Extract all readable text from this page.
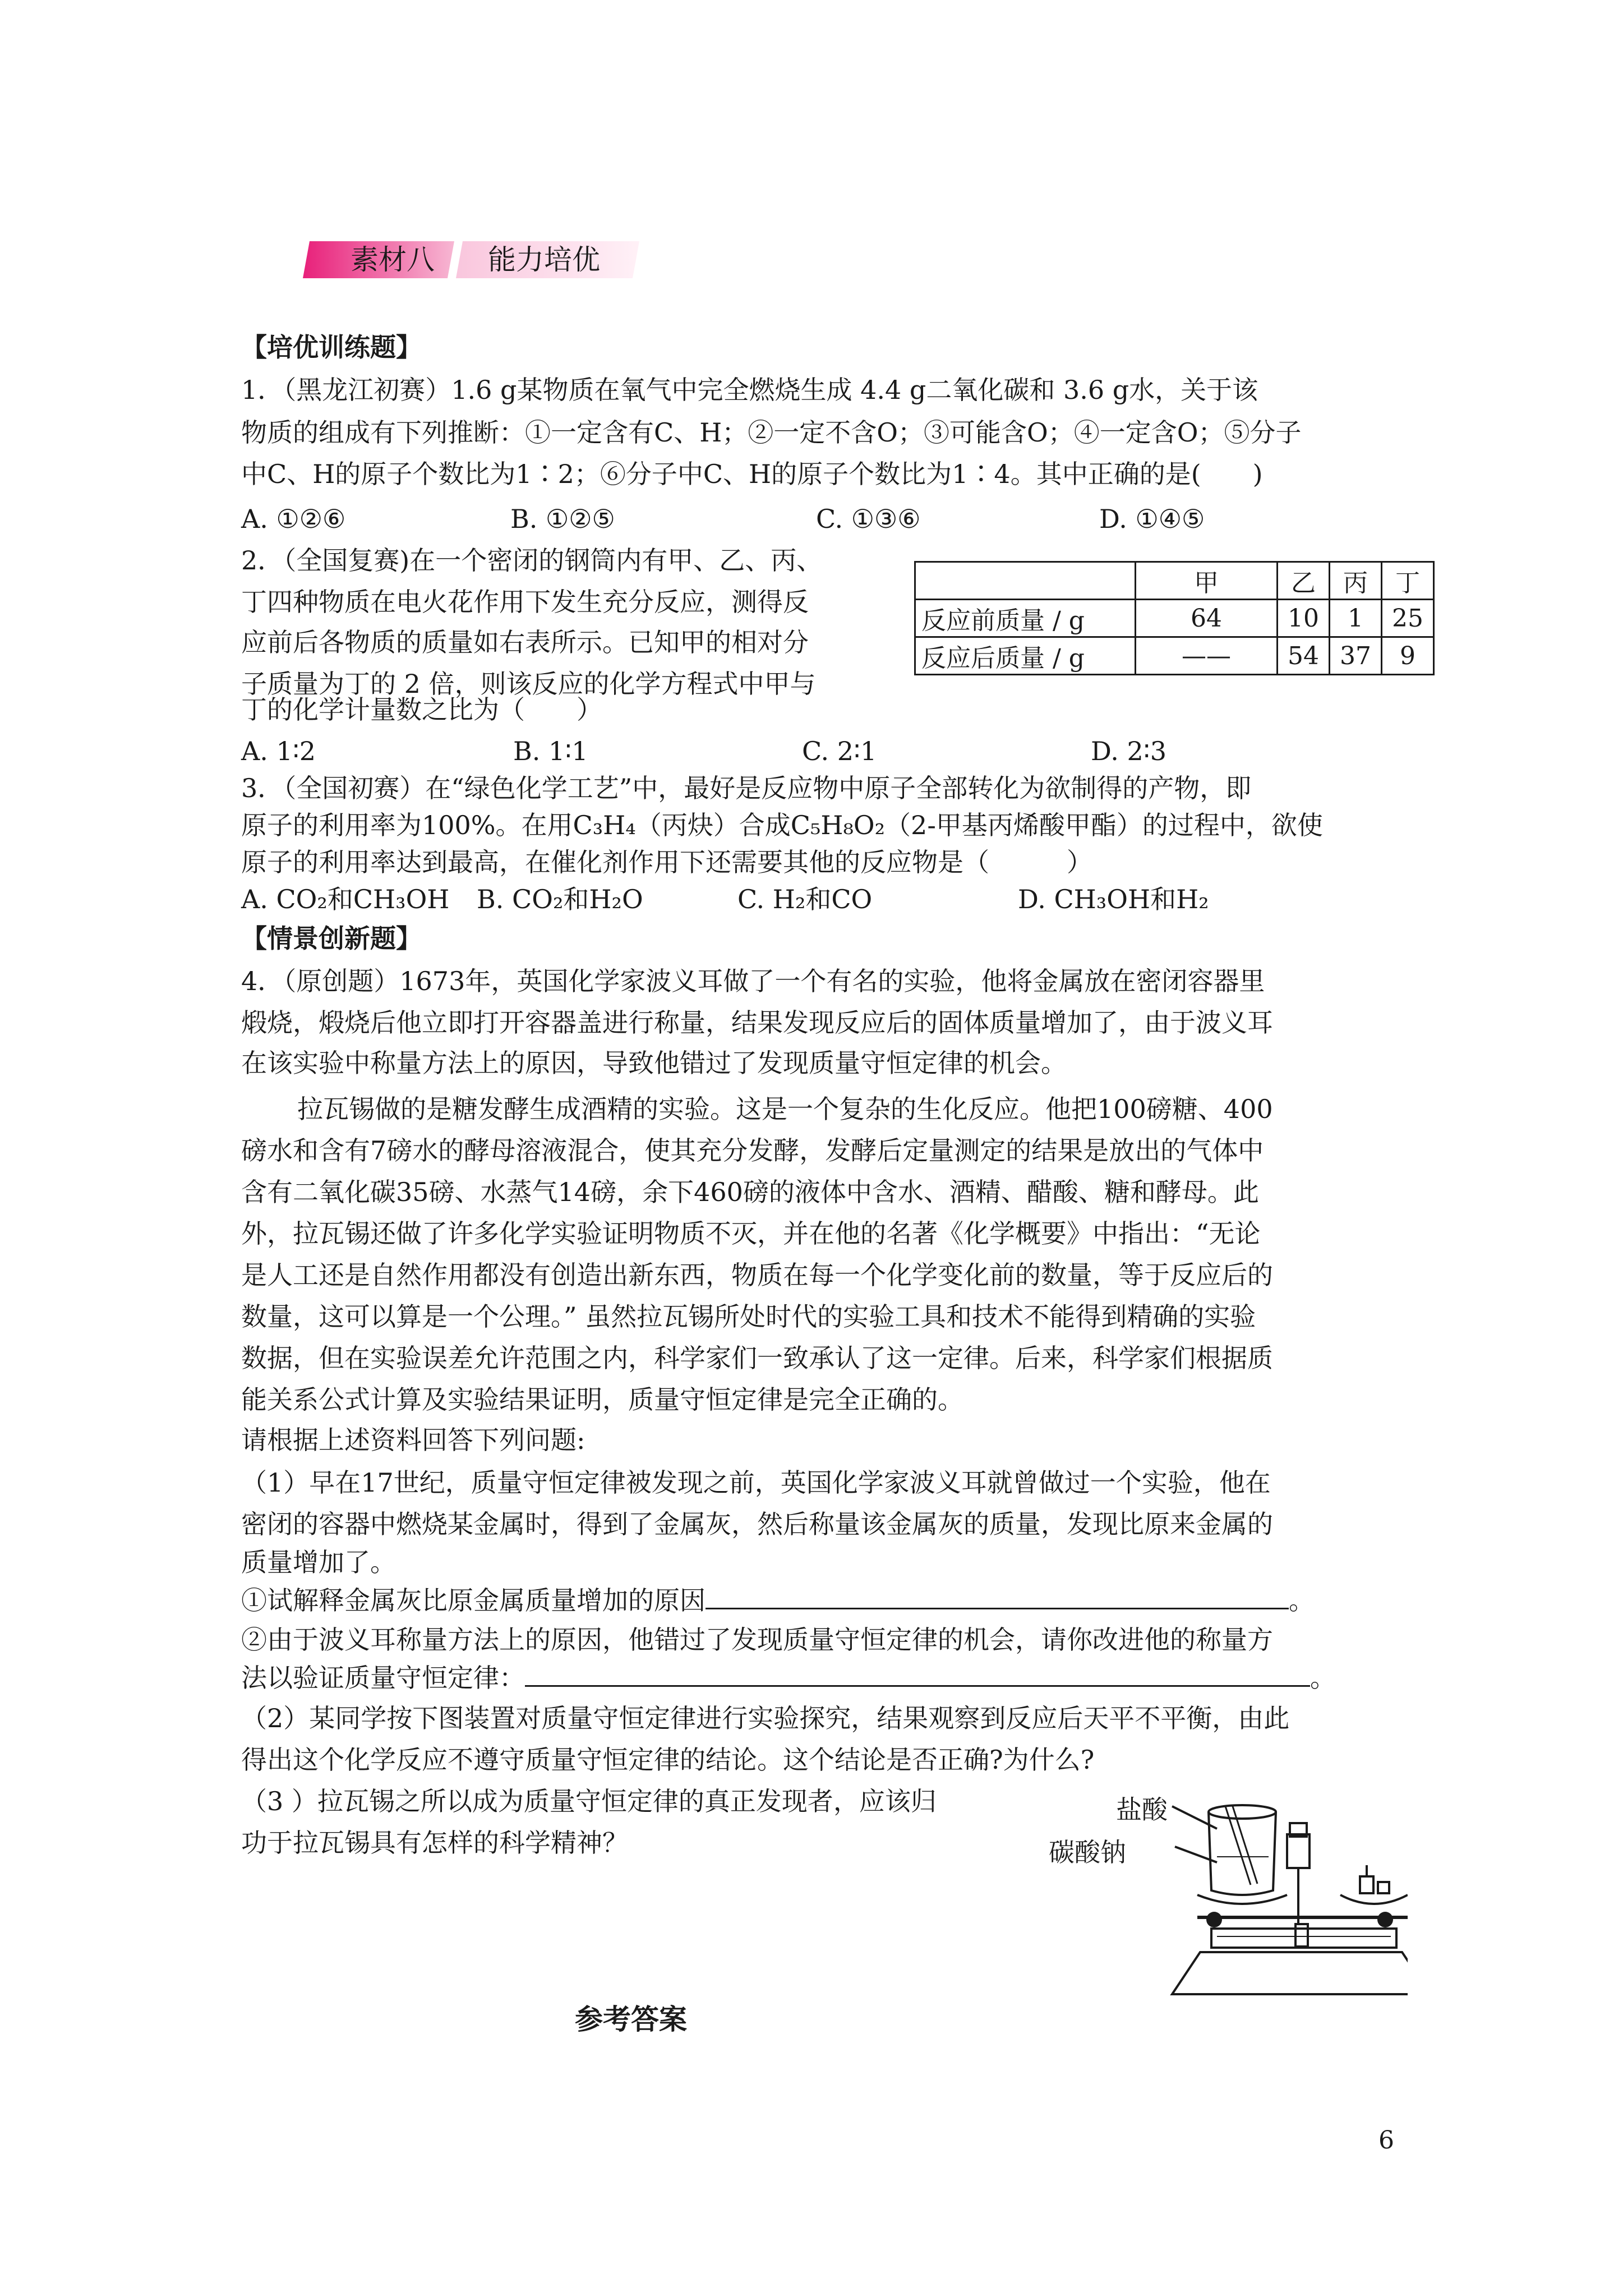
素材八 能力培优
【培优训练题】
1．（黑龙江初赛）1.6 g某物质在氧气中完全燃烧生成 4.4 g二氧化碳和 3.6 g水，关于该
物质的组成有下列推断：①一定含有C、H；②一定不含O；③可能含O；④一定含O；⑤分子
中C、H的原子个数比为1∶2；⑥分子中C、H的原子个数比为1∶4。其中正确的是(　　)
A. ①②⑥	B. ①②⑤	C. ①③⑥	D. ①④⑤
2．（全国复赛)在一个密闭的钢筒内有甲、乙、丙、
丁四种物质在电火花作用下发生充分反应，测得反
应前后各物质的质量如右表所示。已知甲的相对分
子质量为丁的 2 倍，则该反应的化学方程式中甲与
丁的化学计量数之比为（　　）
	甲	乙	丙	丁
反应前质量 / g	64	10	1	25
反应后质量 / g	——	54	37	9
A. 1∶2	B. 1∶1	C. 2∶1	D. 2∶3
3．（全国初赛）在“绿色化学工艺”中，最好是反应物中原子全部转化为欲制得的产物，即
原子的利用率为100%。在用C₃H₄（丙炔）合成C₅H₈O₂（2-甲基丙烯酸甲酯）的过程中，欲使
原子的利用率达到最高，在催化剂作用下还需要其他的反应物是（　　　）
A. CO₂和CH₃OH B. CO₂和H₂O	C. H₂和CO	D. CH₃OH和H₂
【情景创新题】
4．（原创题）1673年，英国化学家波义耳做了一个有名的实验，他将金属放在密闭容器里
煅烧，煅烧后他立即打开容器盖进行称量，结果发现反应后的固体质量增加了，由于波义耳
在该实验中称量方法上的原因，导致他错过了发现质量守恒定律的机会。
拉瓦锡做的是糖发酵生成酒精的实验。这是一个复杂的生化反应。他把100磅糖、400
磅水和含有7磅水的酵母溶液混合，使其充分发酵，发酵后定量测定的结果是放出的气体中
含有二氧化碳35磅、水蒸气14磅，余下460磅的液体中含水、酒精、醋酸、糖和酵母。此
外，拉瓦锡还做了许多化学实验证明物质不灭，并在他的名著《化学概要》中指出：“无论
是人工还是自然作用都没有创造出新东西，物质在每一个化学变化前的数量，等于反应后的
数量，这可以算是一个公理。” 虽然拉瓦锡所处时代的实验工具和技术不能得到精确的实验
数据，但在实验误差允许范围之内，科学家们一致承认了这一定律。后来，科学家们根据质
能关系公式计算及实验结果证明，质量守恒定律是完全正确的。
请根据上述资料回答下列问题:
（1）早在17世纪，质量守恒定律被发现之前，英国化学家波义耳就曾做过一个实验，他在
密闭的容器中燃烧某金属时，得到了金属灰，然后称量该金属灰的质量，发现比原来金属的
质量增加了。
①试解释金属灰比原金属质量增加的原因	。
②由于波义耳称量方法上的原因，他错过了发现质量守恒定律的机会，请你改进他的称量方
法以验证质量守恒定律：	。
（2）某同学按下图装置对质量守恒定律进行实验探究，结果观察到反应后天平不平衡，由此
得出这个化学反应不遵守质量守恒定律的结论。这个结论是否正确?为什么?
（3 ）拉瓦锡之所以成为质量守恒定律的真正发现者，应该归
功于拉瓦锡具有怎样的科学精神？
盐酸
碳酸钠
参考答案
6
